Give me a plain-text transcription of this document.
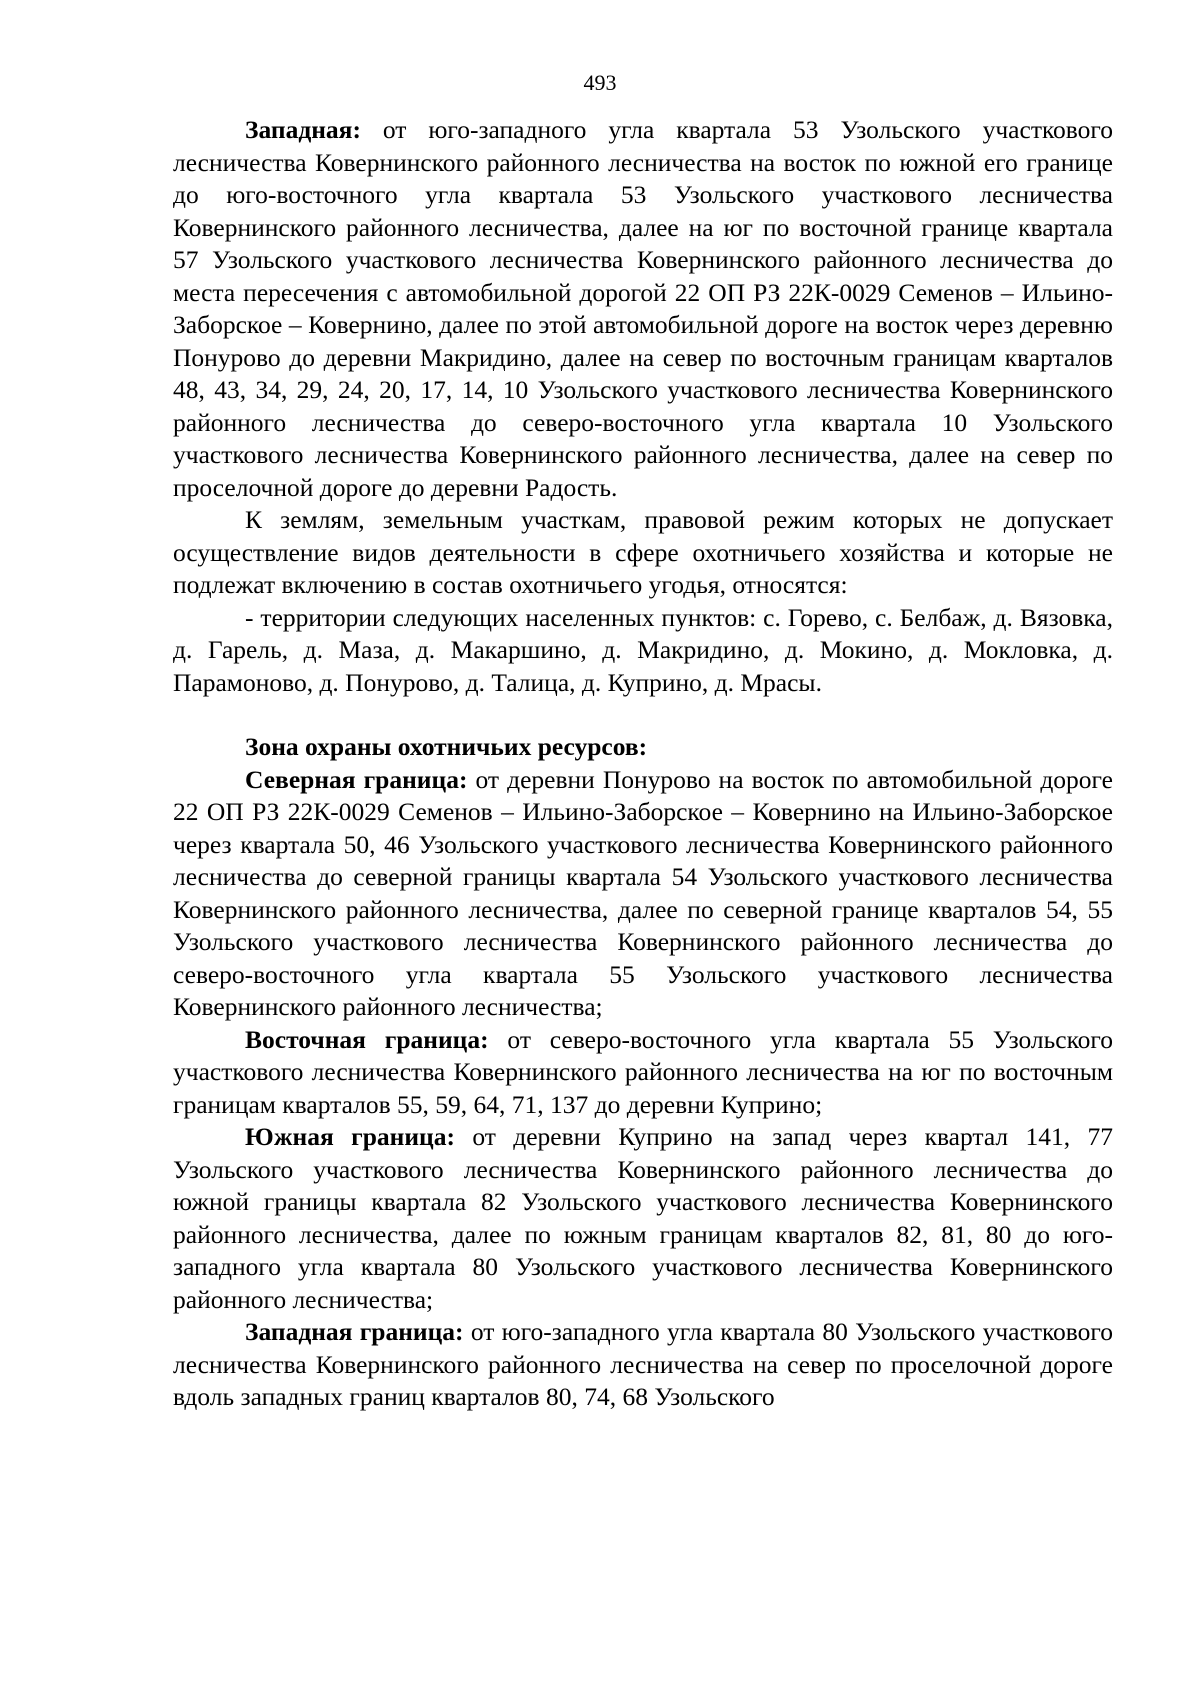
493

Западная: от юго-западного угла квартала 53 Узольского участкового лесничества Ковернинского районного лесничества на восток по южной его границе до юго-восточного угла квартала 53 Узольского участкового лесничества Ковернинского районного лесничества, далее на юг по восточной границе квартала 57 Узольского участкового лесничества Ковернинского районного лесничества до места пересечения с автомобильной дорогой 22 ОП РЗ 22К-0029 Семенов – Ильино-Заборское – Ковернино, далее по этой автомобильной дороге на восток через деревню Понурово до деревни Макридино, далее на север по восточным границам кварталов 48, 43, 34, 29, 24, 20, 17, 14, 10 Узольского участкового лесничества Ковернинского районного лесничества до северо-восточного угла квартала 10 Узольского участкового лесничества Ковернинского районного лесничества, далее на север по проселочной дороге до деревни Радость.

К землям, земельным участкам, правовой режим которых не допускает осуществление видов деятельности в сфере охотничьего хозяйства и которые не подлежат включению в состав охотничьего угодья, относятся:

- территории следующих населенных пунктов: с. Горево, с. Белбаж, д. Вязовка, д. Гарель, д. Маза, д. Макаршино, д. Макридино, д. Мокино, д. Мокловка, д. Парамоново, д. Понурово, д. Талица, д. Куприно, д. Мрасы.

Зона охраны охотничьих ресурсов:

Северная граница: от деревни Понурово на восток по автомобильной дороге 22 ОП РЗ 22К-0029 Семенов – Ильино-Заборское – Ковернино на Ильино-Заборское через квартала 50, 46 Узольского участкового лесничества Ковернинского районного лесничества до северной границы квартала 54 Узольского участкового лесничества Ковернинского районного лесничества, далее по северной границе кварталов 54, 55 Узольского участкового лесничества Ковернинского районного лесничества до северо-восточного угла квартала 55 Узольского участкового лесничества Ковернинского районного лесничества;

Восточная граница: от северо-восточного угла квартала 55 Узольского участкового лесничества Ковернинского районного лесничества на юг по восточным границам кварталов 55, 59, 64, 71, 137 до деревни Куприно;

Южная граница: от деревни Куприно на запад через квартал 141, 77 Узольского участкового лесничества Ковернинского районного лесничества до южной границы квартала 82 Узольского участкового лесничества Ковернинского районного лесничества, далее по южным границам кварталов 82, 81, 80 до юго-западного угла квартала 80 Узольского участкового лесничества Ковернинского районного лесничества;

Западная граница: от юго-западного угла квартала 80 Узольского участкового лесничества Ковернинского районного лесничества на север по проселочной дороге вдоль западных границ кварталов 80, 74, 68 Узольского
